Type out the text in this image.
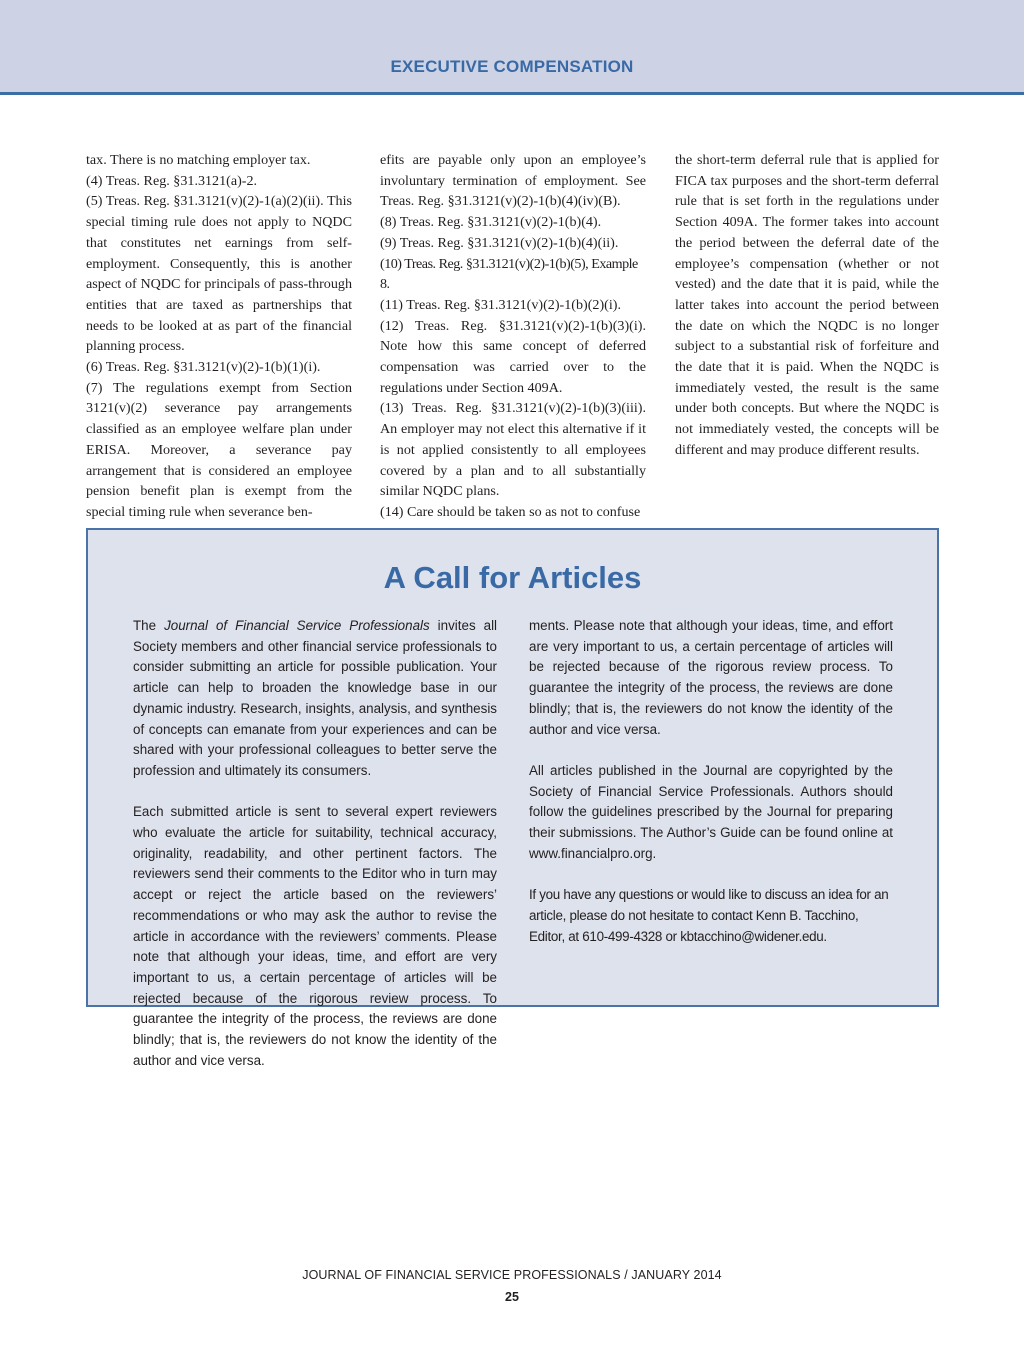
EXECUTIVE COMPENSATION

tax. There is no matching employer tax.

(4) Treas. Reg. §31.3121(a)-2.

(5) Treas. Reg. §31.3121(v)(2)-1(a)(2)(ii). This special timing rule does not apply to NQDC that constitutes net earnings from self-employment. Consequently, this is another aspect of NQDC for principals of pass-through entities that are taxed as partnerships that needs to be looked at as part of the financial planning process.

(6) Treas. Reg. §31.3121(v)(2)-1(b)(1)(i).

(7) The regulations exempt from Section 3121(v)(2) severance pay arrangements classified as an employee welfare plan under ERISA. Moreover, a severance pay arrangement that is considered an employee pension benefit plan is exempt from the special timing rule when severance ben-

efits are payable only upon an employee’s involuntary termination of employment. See Treas. Reg. §31.3121(v)(2)-1(b)(4)(iv)(B).

(8) Treas. Reg. §31.3121(v)(2)-1(b)(4).

(9) Treas. Reg. §31.3121(v)(2)-1(b)(4)(ii).

(10) Treas. Reg. §31.3121(v)(2)-1(b)(5), Example 8.

(11) Treas. Reg. §31.3121(v)(2)-1(b)(2)(i).

(12) Treas. Reg. §31.3121(v)(2)-1(b)(3)(i). Note how this same concept of deferred compensation was carried over to the regulations under Section 409A.

(13) Treas. Reg. §31.3121(v)(2)-1(b)(3)(iii). An employer may not elect this alternative if it is not applied consistently to all employees covered by a plan and to all substantially similar NQDC plans.

(14) Care should be taken so as not to confuse

the short-term deferral rule that is applied for FICA tax purposes and the short-term deferral rule that is set forth in the regulations under Section 409A. The former takes into account the period between the deferral date of the employee’s compensation (whether or not vested) and the date that it is paid, while the latter takes into account the period between the date on which the NQDC is no longer subject to a substantial risk of forfeiture and the date that it is paid. When the NQDC is immediately vested, the result is the same under both concepts. But where the NQDC is not immediately vested, the concepts will be different and may produce different results.

A Call for Articles

The Journal of Financial Service Professionals invites all Society members and other financial service professionals to consider submitting an article for possible publication. Your article can help to broaden the knowledge base in our dynamic industry. Research, insights, analysis, and synthesis of concepts can emanate from your experiences and can be shared with your professional colleagues to better serve the profession and ultimately its consumers.

Each submitted article is sent to several expert reviewers who evaluate the article for suitability, technical accuracy, originality, readability, and other pertinent factors. The reviewers send their comments to the Editor who in turn may accept or reject the article based on the reviewers’ recommendations or who may ask the author to revise the article in accordance with the reviewers’ comments. Please note that although your ideas, time, and effort are very important to us, a certain percentage of articles will be rejected because of the rigorous review process. To guarantee the integrity of the process, the reviews are done blindly; that is, the reviewers do not know the identity of the author and vice versa.

ments. Please note that although your ideas, time, and effort are very important to us, a certain percentage of articles will be rejected because of the rigorous review process. To guarantee the integrity of the process, the reviews are done blindly; that is, the reviewers do not know the identity of the author and vice versa.

All articles published in the Journal are copyrighted by the Society of Financial Service Professionals. Authors should follow the guidelines prescribed by the Journal for preparing their submissions. The Author’s Guide can be found online at www.financialpro.org.

If you have any questions or would like to discuss an idea for an article, please do not hesitate to contact Kenn B. Tacchino, Editor, at 610-499-4328 or kbtacchino@widener.edu.

JOURNAL OF FINANCIAL SERVICE PROFESSIONALS / JANUARY 2014
25
